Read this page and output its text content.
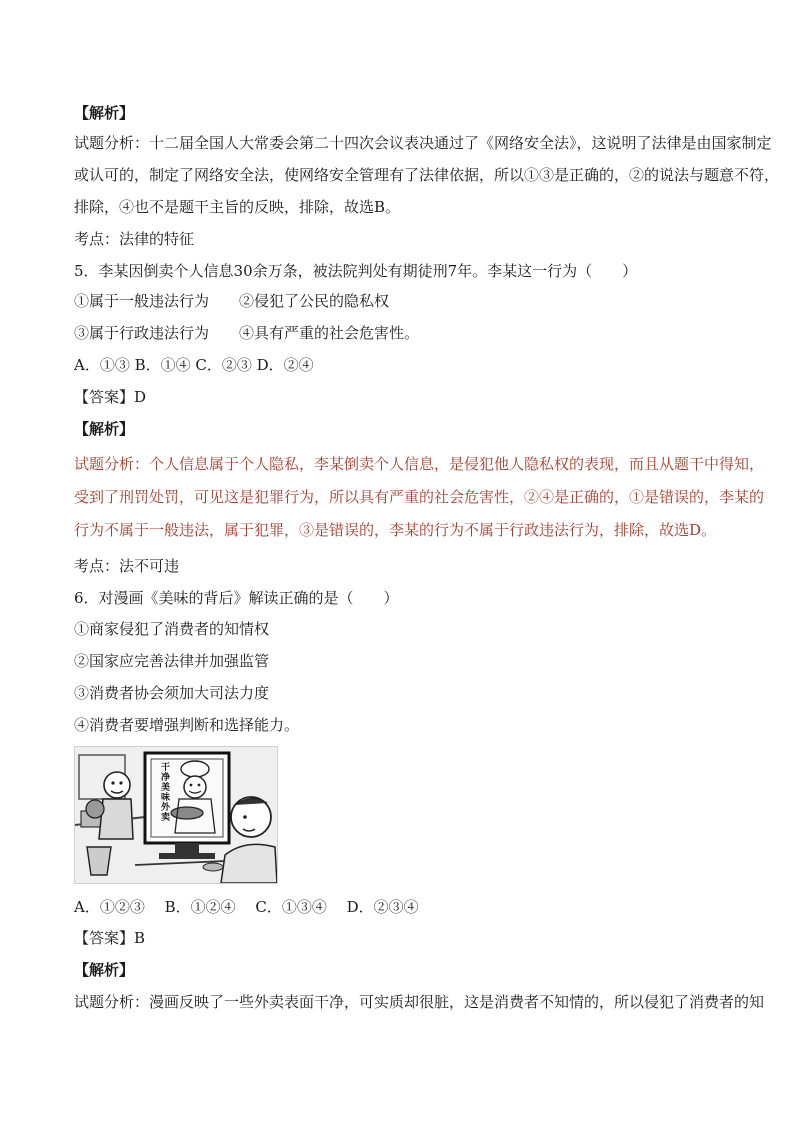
【解析】
试题分析：十二届全国人大常委会第二十四次会议表决通过了《网络安全法》，这说明了法律是由国家制定
或认可的，制定了网络安全法，使网络安全管理有了法律依据，所以①③是正确的，②的说法与题意不符，
排除，④也不是题干主旨的反映，排除，故选B。
考点：法律的特征
5．李某因倒卖个人信息30余万条，被法院判处有期徒刑7年。李某这一行为（　　）
①属于一般违法行为　　②侵犯了公民的隐私权
③属于行政违法行为　　④具有严重的社会危害性。
A．①③ B．①④ C．②③ D．②④
【答案】D
【解析】
试题分析：个人信息属于个人隐私，李某倒卖个人信息，是侵犯他人隐私权的表现，而且从题干中得知，
受到了刑罚处罚，可见这是犯罪行为，所以具有严重的社会危害性，②④是正确的，①是错误的，李某的
行为不属于一般违法，属于犯罪，③是错误的，李某的行为不属于行政违法行为，排除，故选D。
考点：法不可违
6．对漫画《美味的背后》解读正确的是（　　）
①商家侵犯了消费者的知情权
②国家应完善法律并加强监管
③消费者协会须加大司法力度
④消费者要增强判断和选择能力。
干净美味外卖
A．①②③　 B．①②④　 C．①③④　 D．②③④
【答案】B
【解析】
试题分析：漫画反映了一些外卖表面干净，可实质却很脏，这是消费者不知情的，所以侵犯了消费者的知
